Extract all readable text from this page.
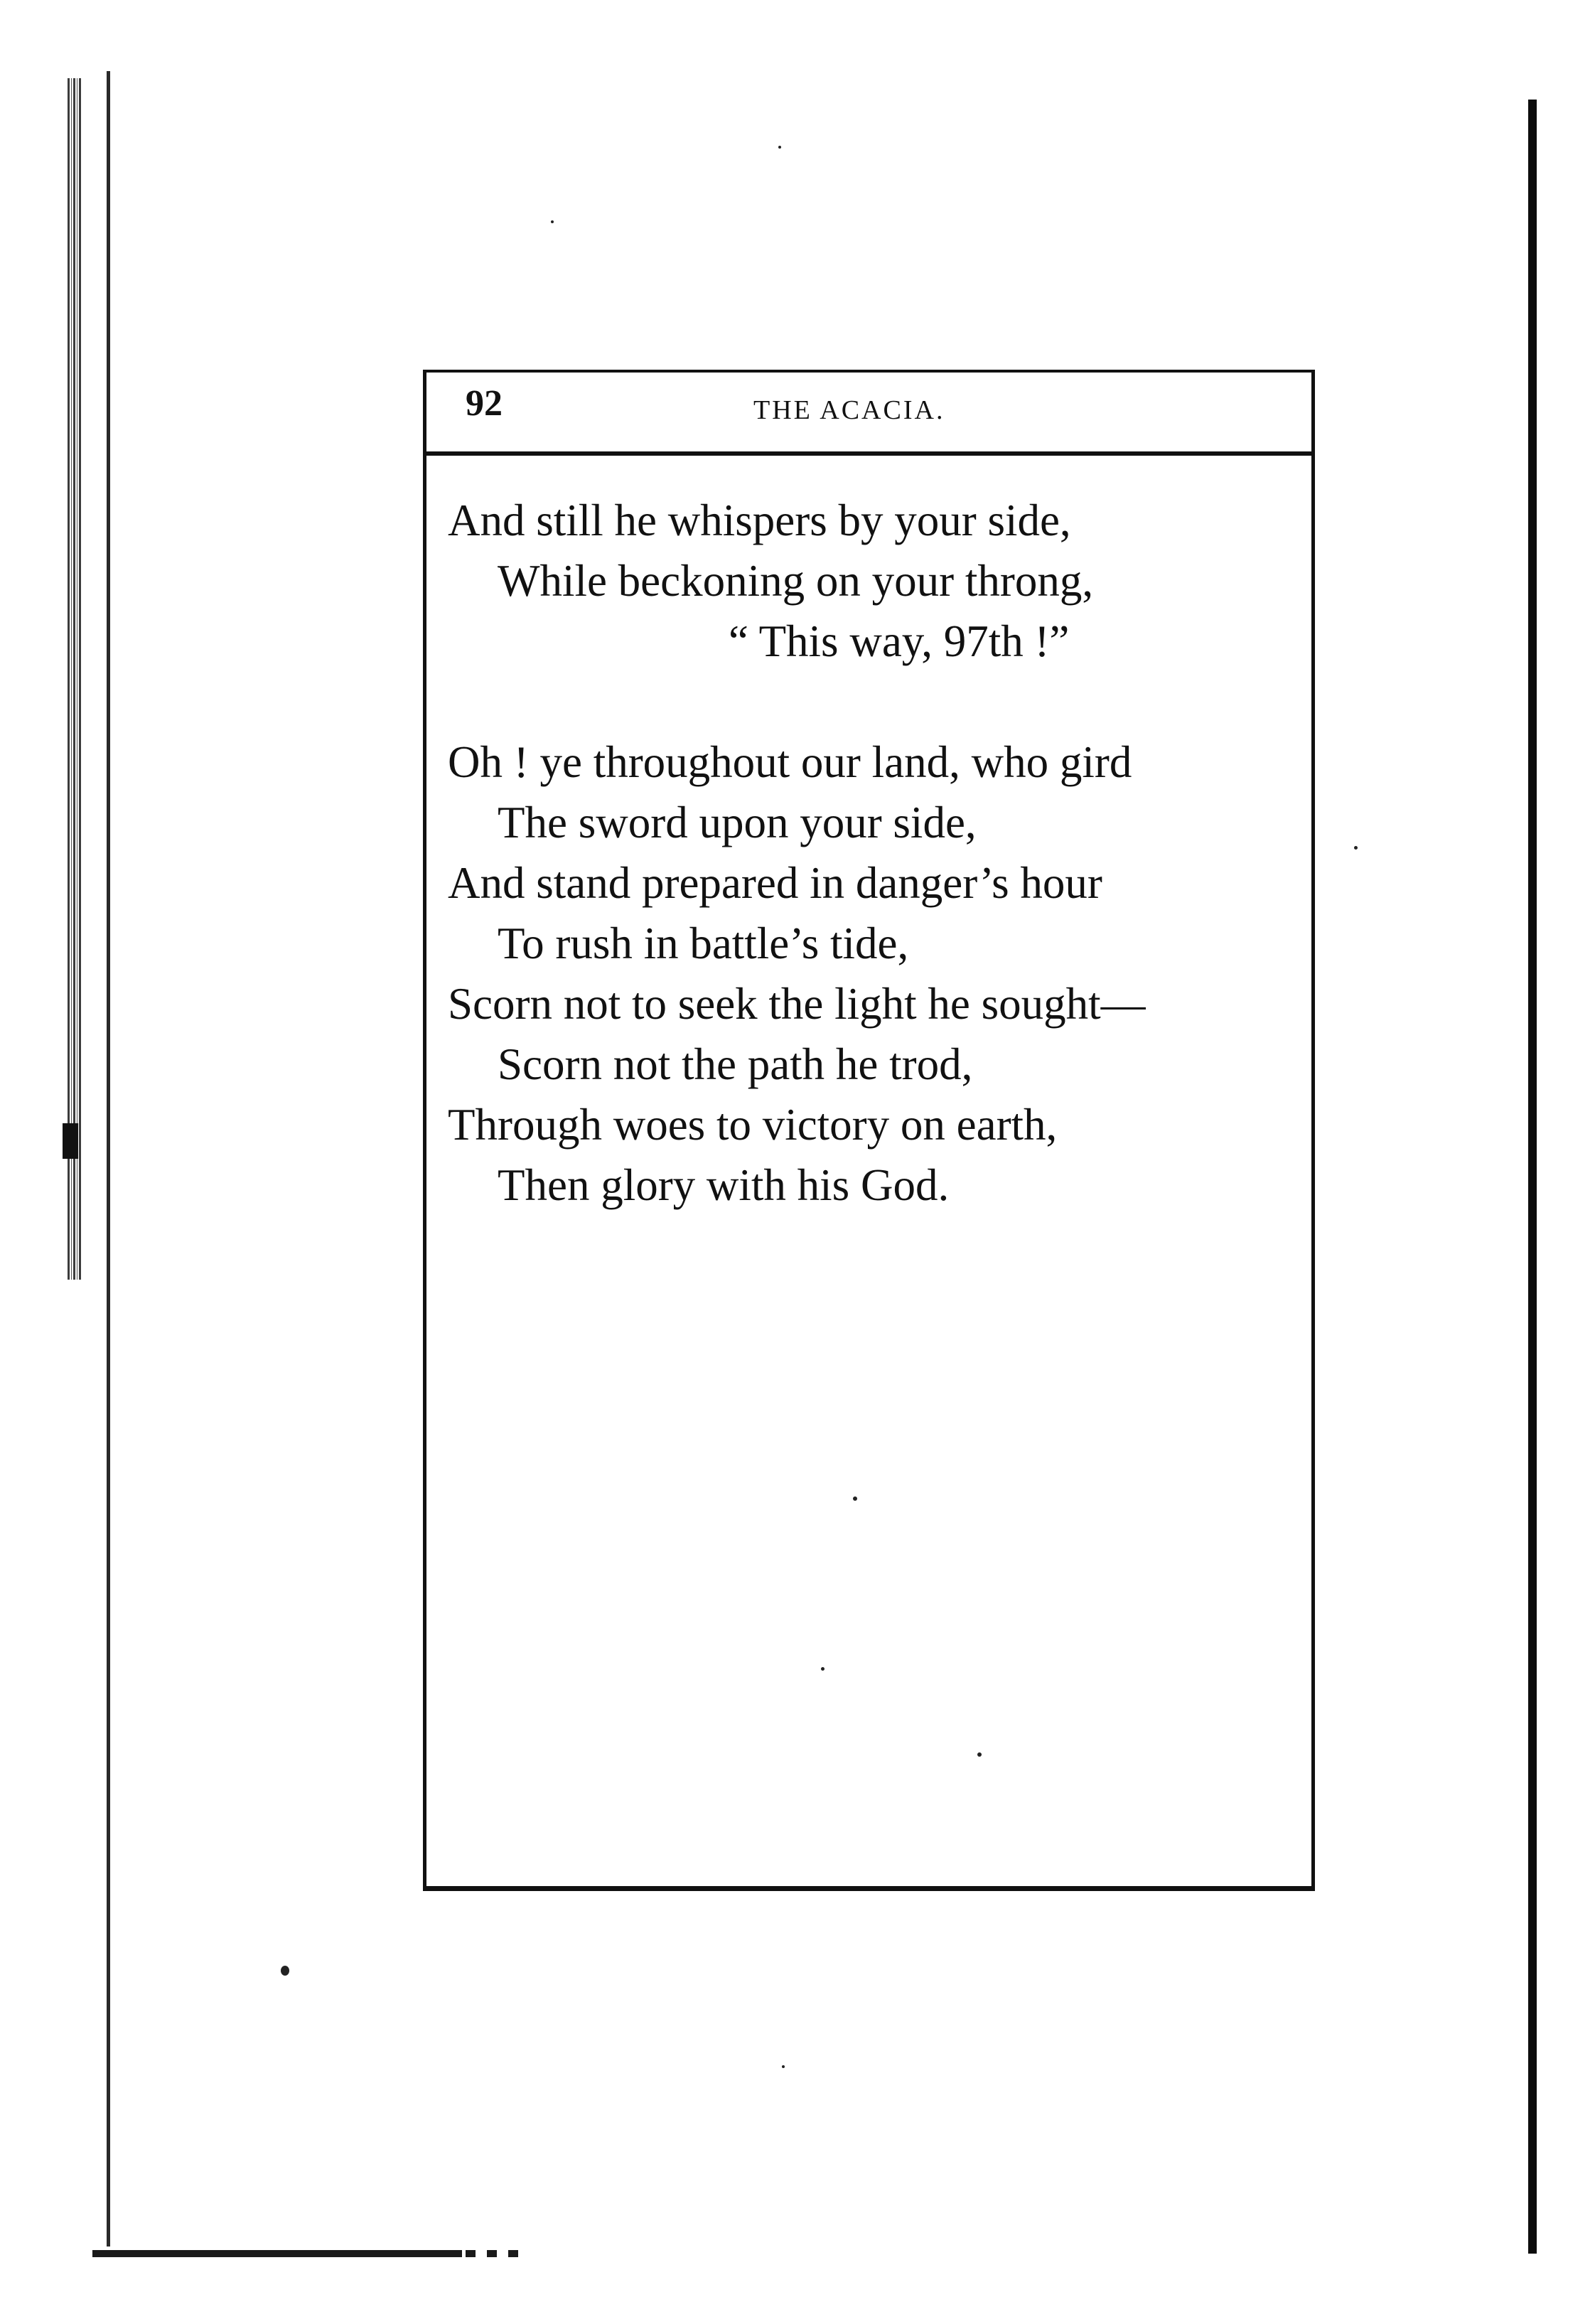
92	THE ACACIA.
And still he whispers by your side,
While beckoning on your throng,
“ This way, 97th !”
Oh ! ye throughout our land, who gird
The sword upon your side,
And stand prepared in danger’s hour
To rush in battle’s tide,
Scorn not to seek the light he sought—
Scorn not the path he trod,
Through woes to victory on earth,
Then glory with his God.
